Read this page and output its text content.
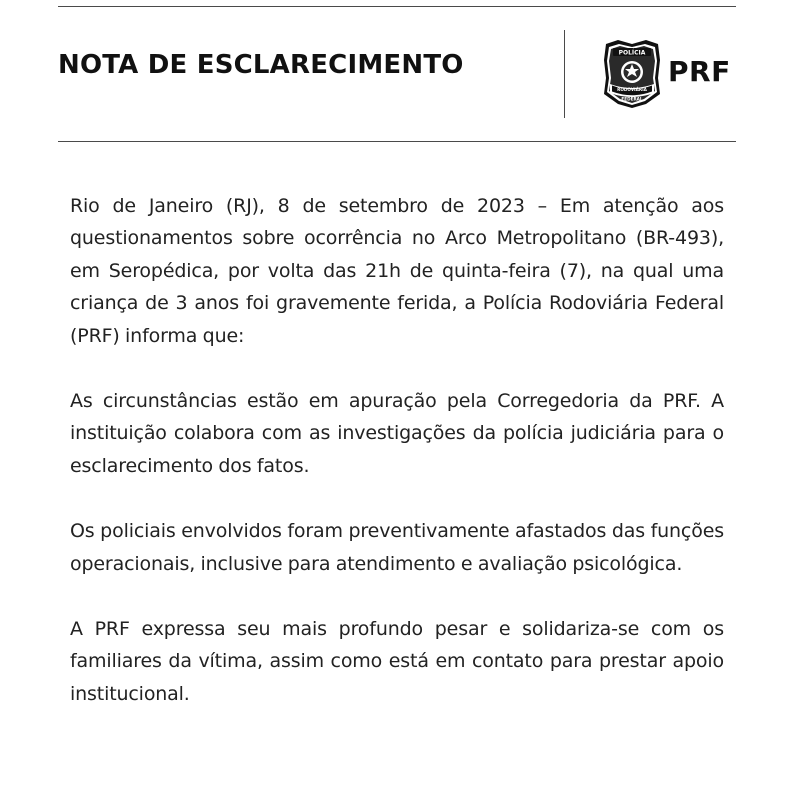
NOTA DE ESCLARECIMENTO	POLÍCIA
RODOVIÁRIA
FEDERAL
PRF

Rio de Janeiro (RJ), 8 de setembro de 2023 – Em atenção aos questionamentos sobre ocorrência no Arco Metropolitano (BR-493), em Seropédica, por volta das 21h de quinta-feira (7), na qual uma criança de 3 anos foi gravemente ferida, a Polícia Rodoviária Federal (PRF) informa que:

As circunstâncias estão em apuração pela Corregedoria da PRF. A instituição colabora com as investigações da polícia judiciária para o esclarecimento dos fatos.

Os policiais envolvidos foram preventivamente afastados das funções operacionais, inclusive para atendimento e avaliação psicológica.

A PRF expressa seu mais profundo pesar e solidariza-se com os familiares da vítima, assim como está em contato para prestar apoio institucional.
